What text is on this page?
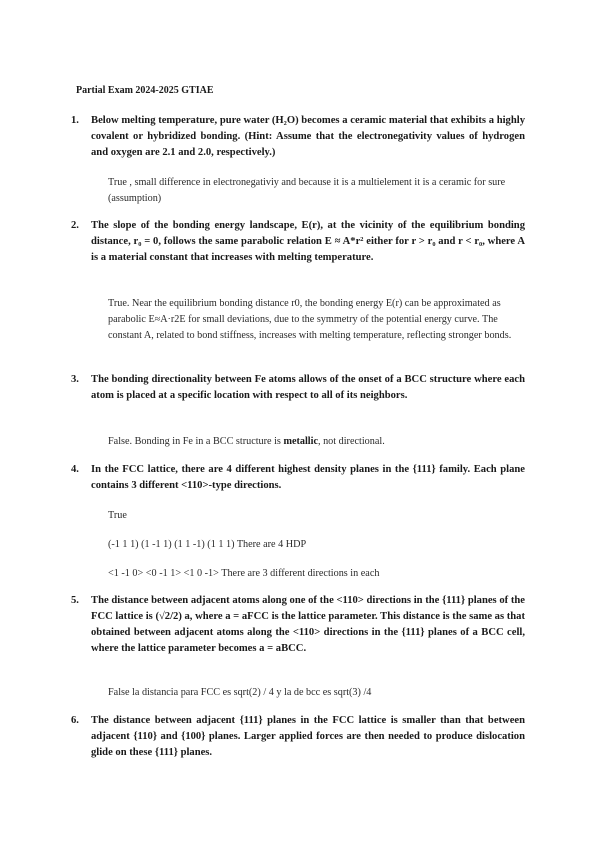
Partial Exam 2024-2025 GTIAE
1. Below melting temperature, pure water (H₂O) becomes a ceramic material that exhibits a highly covalent or hybridized bonding. (Hint: Assume that the electronegativity values of hydrogen and oxygen are 2.1 and 2.0, respectively.)
True , small difference in electronegativiy and because it is a multielement it is a ceramic for sure (assumption)
2. The slope of the bonding energy landscape, E(r), at the vicinity of the equilibrium bonding distance, r₀ = 0, follows the same parabolic relation E ≈ A*r² either for r > r₀ and r < r₀, where A is a material constant that increases with melting temperature.
True. Near the equilibrium bonding distance r0, the bonding energy E(r) can be approximated as parabolic E≈A⋅r2E for small deviations, due to the symmetry of the potential energy curve. The constant A, related to bond stiffness, increases with melting temperature, reflecting stronger bonds.
3. The bonding directionality between Fe atoms allows of the onset of a BCC structure where each atom is placed at a specific location with respect to all of its neighbors.
False. Bonding in Fe in a BCC structure is metallic, not directional.
4. In the FCC lattice, there are 4 different highest density planes in the {111} family. Each plane contains 3 different <110>-type directions.
True
(-1 1 1) (1 -1 1) (1 1 -1) (1 1 1) There are 4 HDP
<1 -1 0> <0 -1 1> <1 0 -1> There are 3 different directions in each
5. The distance between adjacent atoms along one of the <110> directions in the {111} planes of the FCC lattice is (√2/2) a, where a = aFCC is the lattice parameter. This distance is the same as that obtained between adjacent atoms along the <110> directions in the {111} planes of a BCC cell, where the lattice parameter becomes a = aBCC.
False la distancia para FCC es sqrt(2) / 4 y la de bcc es sqrt(3) /4
6. The distance between adjacent {111} planes in the FCC lattice is smaller than that between adjacent {110} and {100} planes. Larger applied forces are then needed to produce dislocation glide on these {111} planes.
